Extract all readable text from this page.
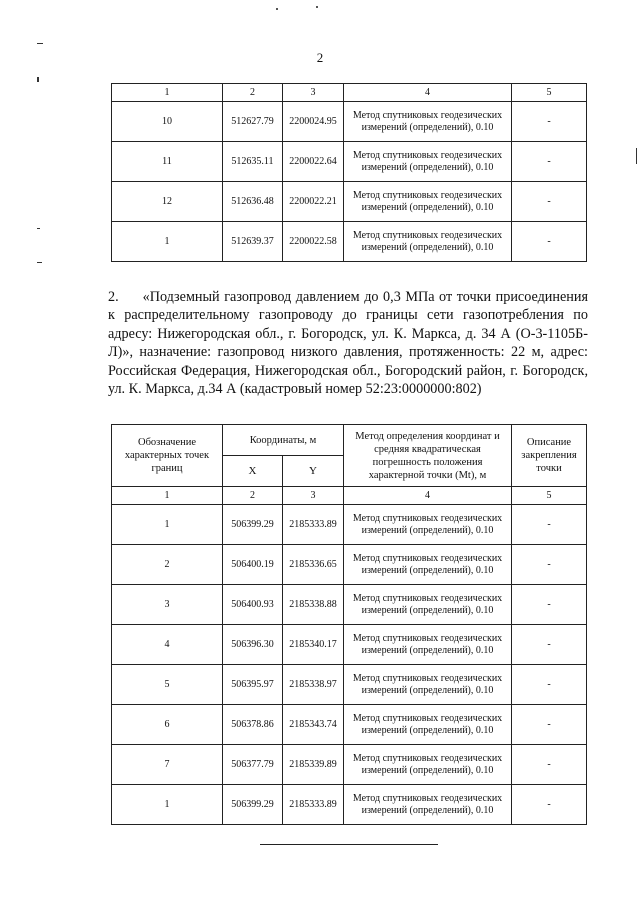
2
1	2	3	4	5
10	512627.79	2200024.95	Метод спутниковых геодезических измерений (определений), 0.10	-
11	512635.11	2200022.64	Метод спутниковых геодезических измерений (определений), 0.10	-
12	512636.48	2200022.21	Метод спутниковых геодезических измерений (определений), 0.10	-
1	512639.37	2200022.58	Метод спутниковых геодезических измерений (определений), 0.10	-
2. «Подземный газопровод давлением до 0,3 МПа от точки присоединения к распределительному газопроводу до границы сети газопотребления по адресу: Нижегородская обл., г. Богородск, ул. К. Маркса, д. 34 А (О-3-1105Б-Л)», назначение: газопровод низкого давления, протяженность: 22 м, адрес: Российская Федерация, Нижегородская обл., Богородский район, г. Богородск, ул. К. Маркса, д.34 А (кадастровый номер 52:23:0000000:802)
Обозначение характерных точек границ	Координаты, м		Метод определения координат и средняя квадратическая погрешность положения характерной точки (Mt), м	Описание закрепления точки
	X	Y		
1	2	3	4	5
1	506399.29	2185333.89	Метод спутниковых геодезических измерений (определений), 0.10	-
2	506400.19	2185336.65	Метод спутниковых геодезических измерений (определений), 0.10	-
3	506400.93	2185338.88	Метод спутниковых геодезических измерений (определений), 0.10	-
4	506396.30	2185340.17	Метод спутниковых геодезических измерений (определений), 0.10	-
5	506395.97	2185338.97	Метод спутниковых геодезических измерений (определений), 0.10	-
6	506378.86	2185343.74	Метод спутниковых геодезических измерений (определений), 0.10	-
7	506377.79	2185339.89	Метод спутниковых геодезических измерений (определений), 0.10	-
1	506399.29	2185333.89	Метод спутниковых геодезических измерений (определений), 0.10	-
